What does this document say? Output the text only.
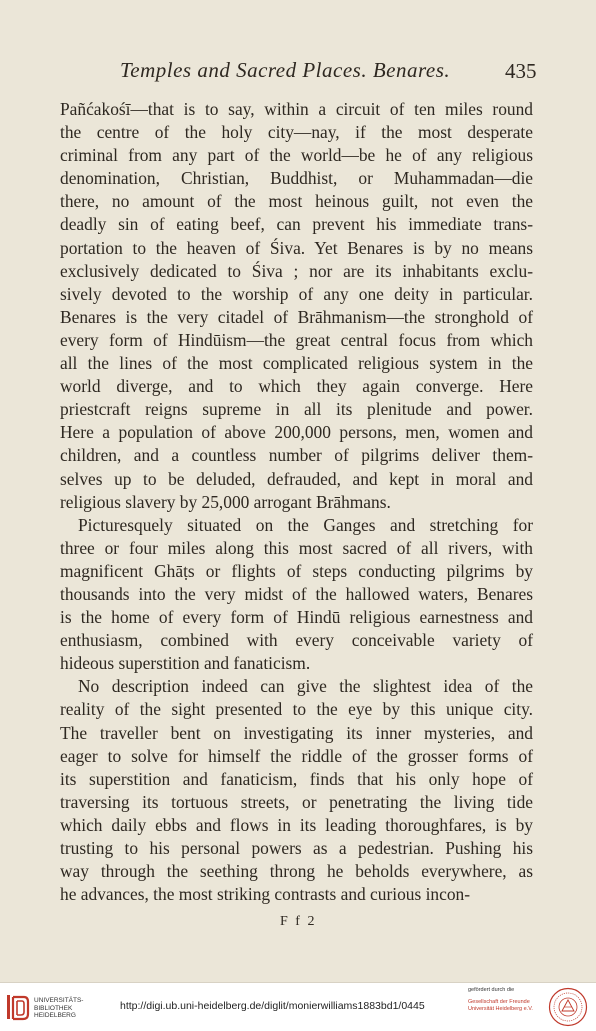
Temples and Sacred Places. Benares.	435
Pañćakośī—that is to say, within a circuit of ten miles round
the centre of the holy city—nay, if the most desperate
criminal from any part of the world—be he of any religious
denomination, Christian, Buddhist, or Muhammadan—die
there, no amount of the most heinous guilt, not even the
deadly sin of eating beef, can prevent his immediate trans-
portation to the heaven of Śiva. Yet Benares is by no means
exclusively dedicated to Śiva ; nor are its inhabitants exclu-
sively devoted to the worship of any one deity in particular.
Benares is the very citadel of Brāhmanism—the stronghold of
every form of Hindūism—the great central focus from which
all the lines of the most complicated religious system in the
world diverge, and to which they again converge. Here
priestcraft reigns supreme in all its plenitude and power.
Here a population of above 200,000 persons, men, women and
children, and a countless number of pilgrims deliver them-
selves up to be deluded, defrauded, and kept in moral and
religious slavery by 25,000 arrogant Brāhmans.
Picturesquely situated on the Ganges and stretching for
three or four miles along this most sacred of all rivers, with
magnificent Ghāṭs or flights of steps conducting pilgrims by
thousands into the very midst of the hallowed waters, Benares
is the home of every form of Hindū religious earnestness and
enthusiasm, combined with every conceivable variety of
hideous superstition and fanaticism.
No description indeed can give the slightest idea of the
reality of the sight presented to the eye by this unique city.
The traveller bent on investigating its inner mysteries, and
eager to solve for himself the riddle of the grosser forms of
its superstition and fanaticism, finds that his only hope of
traversing its tortuous streets, or penetrating the living tide
which daily ebbs and flows in its leading thoroughfares, is by
trusting to his personal powers as a pedestrian. Pushing his
way through the seething throng he beholds everywhere, as
he advances, the most striking contrasts and curious incon-
F f 2
UNIVERSITÄTS-
BIBLIOTHEK
HEIDELBERG
http://digi.ub.uni-heidelberg.de/diglit/monierwilliams1883bd1/0445
gefördert durch die
Gesellschaft der Freunde
Universität Heidelberg e.V.
